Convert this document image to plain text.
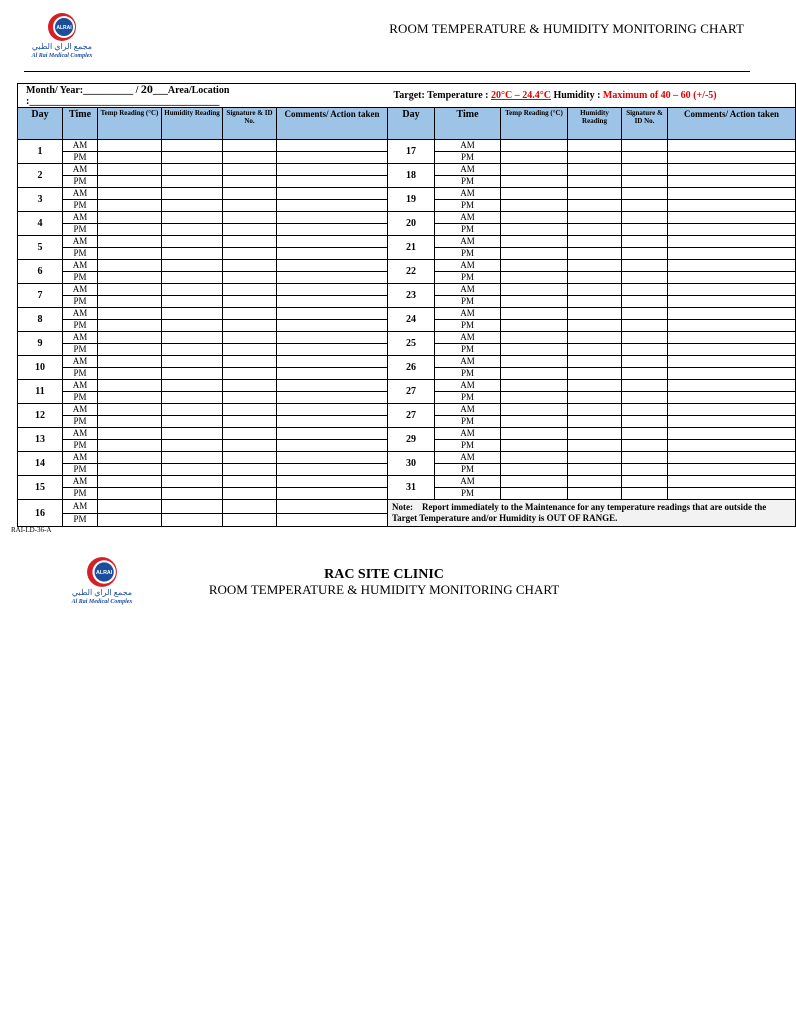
ALRAI
مجمع الراي الطبي
Al Rai Medical Complex
ROOM TEMPERATURE & HUMIDITY MONITORING CHART
Month/ Year:__________ / 20___Area/Location :______________________________________						Target: Temperature : 20°C – 24.4°C Humidity : Maximum of 40 – 60 (+/-5)					
Day	Time	Temp Reading (°C)	Humidity Reading	Signature & ID No.	Comments/ Action taken	Day	Time	Temp Reading (°C)	Humidity Reading	Signature & ID No.	Comments/ Action taken
1	AM					17	AM				
	PM						PM				
2	AM					18	AM				
	PM						PM				
3	AM					19	AM				
	PM						PM				
4	AM					20	AM				
	PM						PM				
5	AM					21	AM				
	PM						PM				
6	AM					22	AM				
	PM						PM				
7	AM					23	AM				
	PM						PM				
8	AM					24	AM				
	PM						PM				
9	AM					25	AM				
	PM						PM				
10	AM					26	AM				
	PM						PM				
11	AM					27	AM				
	PM						PM				
12	AM					27	AM				
	PM						PM				
13	AM					29	AM				
	PM						PM				
14	AM					30	AM				
	PM						PM				
15	AM					31	AM				
	PM						PM				
16	AM					Note: Report immediately to the Maintenance for any temperature readings that are outside the Target Temperature and/or Humidity is OUT OF RANGE.					
	PM										
RAI-LD-36-A
ALRAI
مجمع الراي الطبي
Al Rai Medical Complex
RAC SITE CLINIC
ROOM TEMPERATURE & HUMIDITY MONITORING CHART
